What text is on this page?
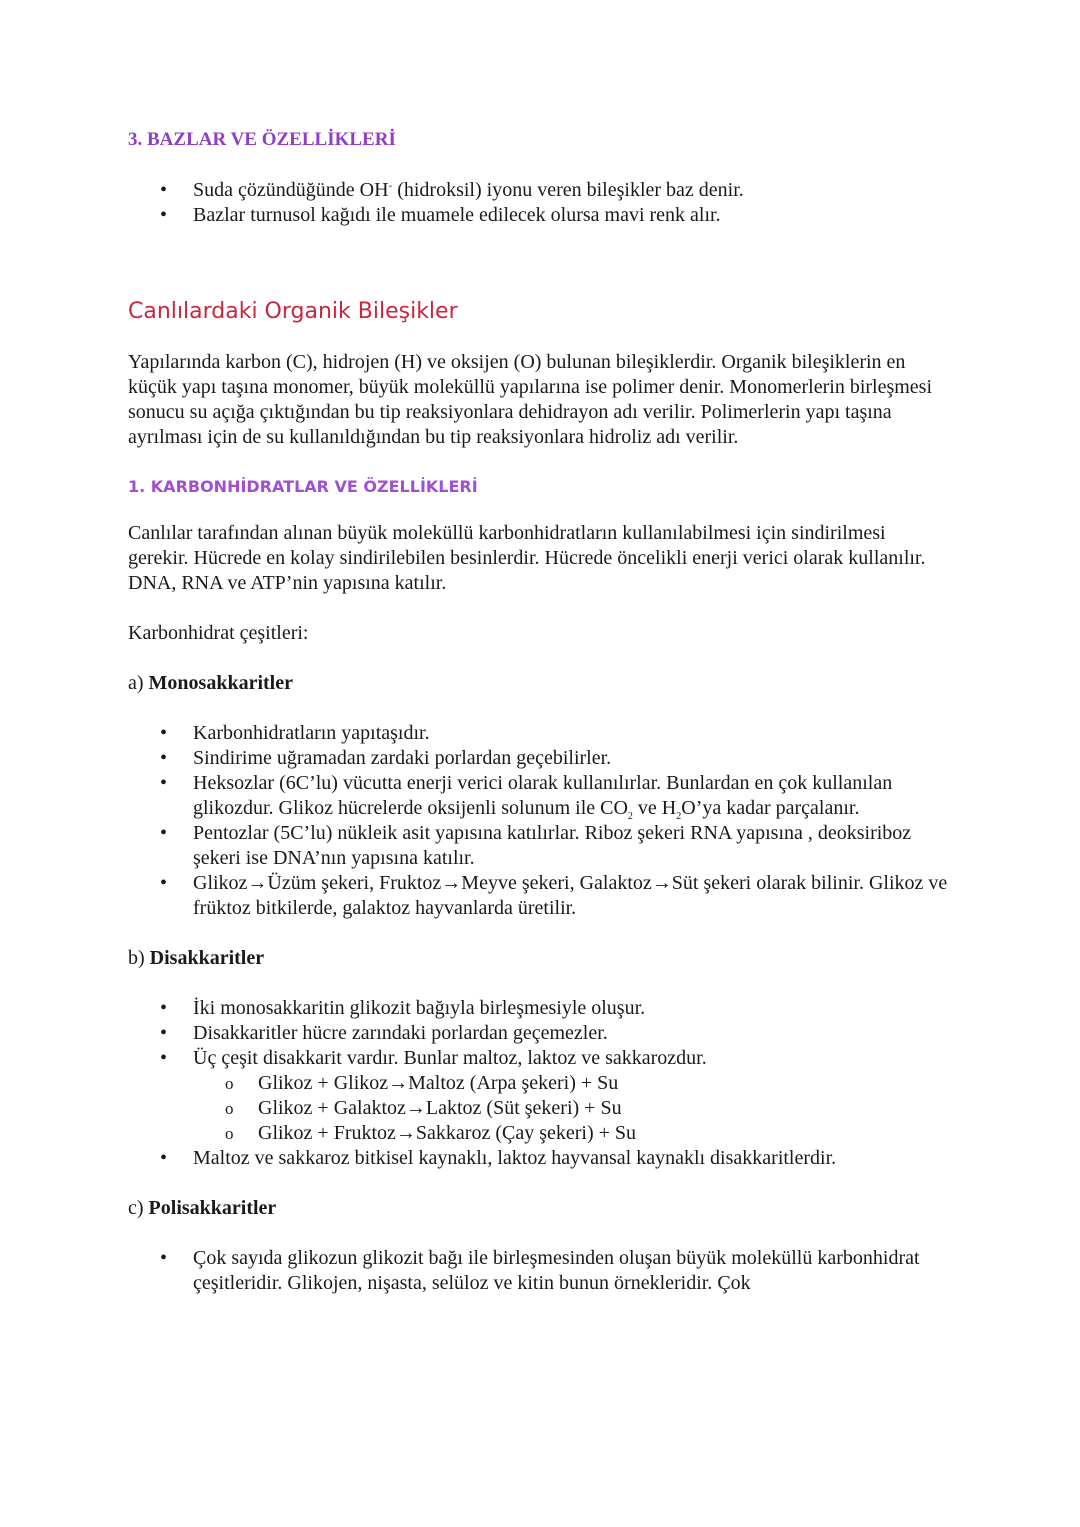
3. BAZLAR VE ÖZELLİKLERİ
• Suda çözündüğünde OH- (hidroksil) iyonu veren bileşikler baz denir.
• Bazlar turnusol kağıdı ile muamele edilecek olursa mavi renk alır.
Canlılardaki Organik Bileşikler

Yapılarında karbon (C), hidrojen (H) ve oksijen (O) bulunan bileşiklerdir. Organik bileşiklerin en küçük yapı taşına monomer, büyük moleküllü yapılarına ise polimer denir. Monomerlerin birleşmesi sonucu su açığa çıktığından bu tip reaksiyonlara dehidrayon adı verilir. Polimerlerin yapı taşına ayrılması için de su kullanıldığından bu tip reaksiyonlara hidroliz adı verilir.

1. KARBONHİDRATLAR VE ÖZELLİKLERİ

Canlılar tarafından alınan büyük moleküllü karbonhidratların kullanılabilmesi için sindirilmesi gerekir. Hücrede en kolay sindirilebilen besinlerdir. Hücrede öncelikli enerji verici olarak kullanılır. DNA, RNA ve ATP’nin yapısına katılır.

Karbonhidrat çeşitleri:

a) Monosakkaritler

• Karbonhidratların yapıtaşıdır.
• Sindirime uğramadan zardaki porlardan geçebilirler.
• Heksozlar (6C’lu) vücutta enerji verici olarak kullanılırlar. Bunlardan en çok kullanılan glikozdur. Glikoz hücrelerde oksijenli solunum ile $CO_2$ ve $H_2O’ya$ kadar parçalanır.
• Pentozlar (5C’lu) nükleik asit yapısına katılırlar. Riboz şekeri RNA yapısına , deoksiriboz şekeri ise DNA’nın yapısına katılır.
• Glikoz→Üzüm şekeri, Fruktoz→Meyve şekeri, Galaktoz→Süt şekeri olarak bilinir. Glikoz ve früktoz bitkilerde, galaktoz hayvanlarda üretilir.

b) Disakkaritler

• İki monosakkaritin glikozit bağıyla birleşmesiyle oluşur.
• Disakkaritler hücre zarındaki porlardan geçemezler.
• Üç çeşit disakkarit vardır. Bunlar maltoz, laktoz ve sakkarozdur.
o Glikoz + Glikoz→Maltoz (Arpa şekeri) + Su
o Glikoz + Galaktoz→Laktoz (Süt şekeri) + Su
o Glikoz + Fruktoz→Sakkaroz (Çay şekeri) + Su
• Maltoz ve sakkaroz bitkisel kaynaklı, laktoz hayvansal kaynaklı disakkaritlerdir.

c) Polisakkaritler

• Çok sayıda glikozun glikozit bağı ile birleşmesinden oluşan büyük moleküllü karbonhidrat çeşitleridir. Glikojen, nişasta, selüloz ve kitin bunun örnekleridir. Çok
